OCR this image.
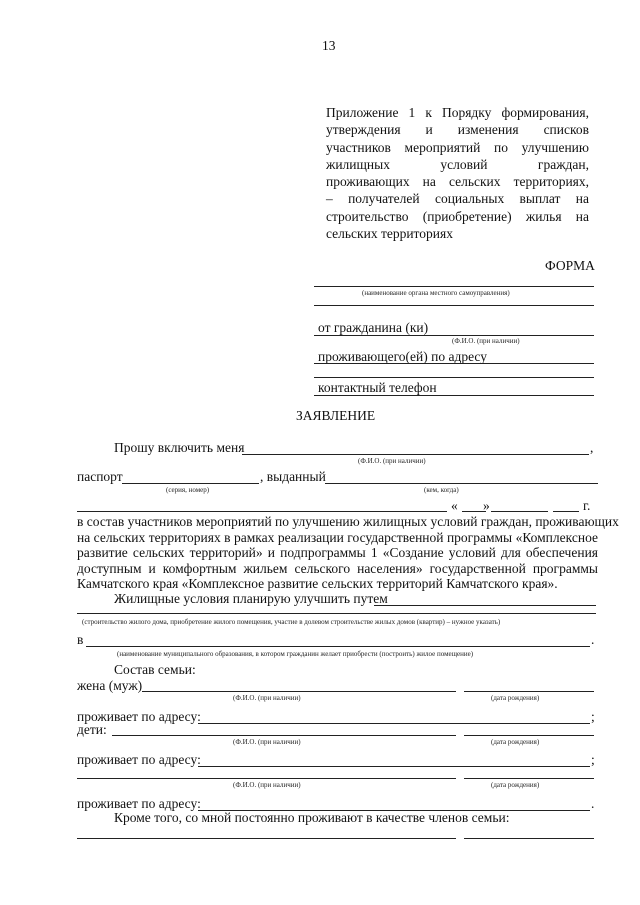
13
Приложение 1 к Порядку формирования,
утверждения и изменения списков
участников мероприятий по улучшению
жилищных условий граждан,
проживающих на сельских территориях,
– получателей социальных выплат на
строительство (приобретение) жилья на
сельских территориях
ФОРМА
(наименование органа местного самоуправления)
от гражданина (ки)
(Ф.И.О. (при наличии)
проживающего(ей) по адресу
контактный телефон
ЗАЯВЛЕНИЕ
Прошу включить меня	,
(Ф.И.О. (при наличии)
паспорт	, выданный
(серия, номер)	(кем, когда)
« »	г.
в состав участников мероприятий по улучшению жилищных условий граждан, проживающих
на сельских территориях в рамках реализации государственной программы «Комплексное
развитие сельских территорий» и подпрограммы 1 «Создание условий для обеспечения
доступным и комфортным жильем сельского населения» государственной программы
Камчатского края «Комплексное развитие сельских территорий Камчатского края».
Жилищные условия планирую улучшить путем
(строительство жилого дома, приобретение жилого помещения, участие в долевом строительстве жилых домов (квартир) – нужное указать)
в	.
(наименование муниципального образования, в котором гражданин желает приобрести (построить) жилое помещение)
Состав семьи:
жена (муж)
(Ф.И.О. (при наличии)	(дата рождения)
проживает по адресу:	;
дети:
(Ф.И.О. (при наличии)	(дата рождения)
проживает по адресу:	;
(Ф.И.О. (при наличии)	(дата рождения)
проживает по адресу:	.
Кроме того, со мной постоянно проживают в качестве членов семьи:
